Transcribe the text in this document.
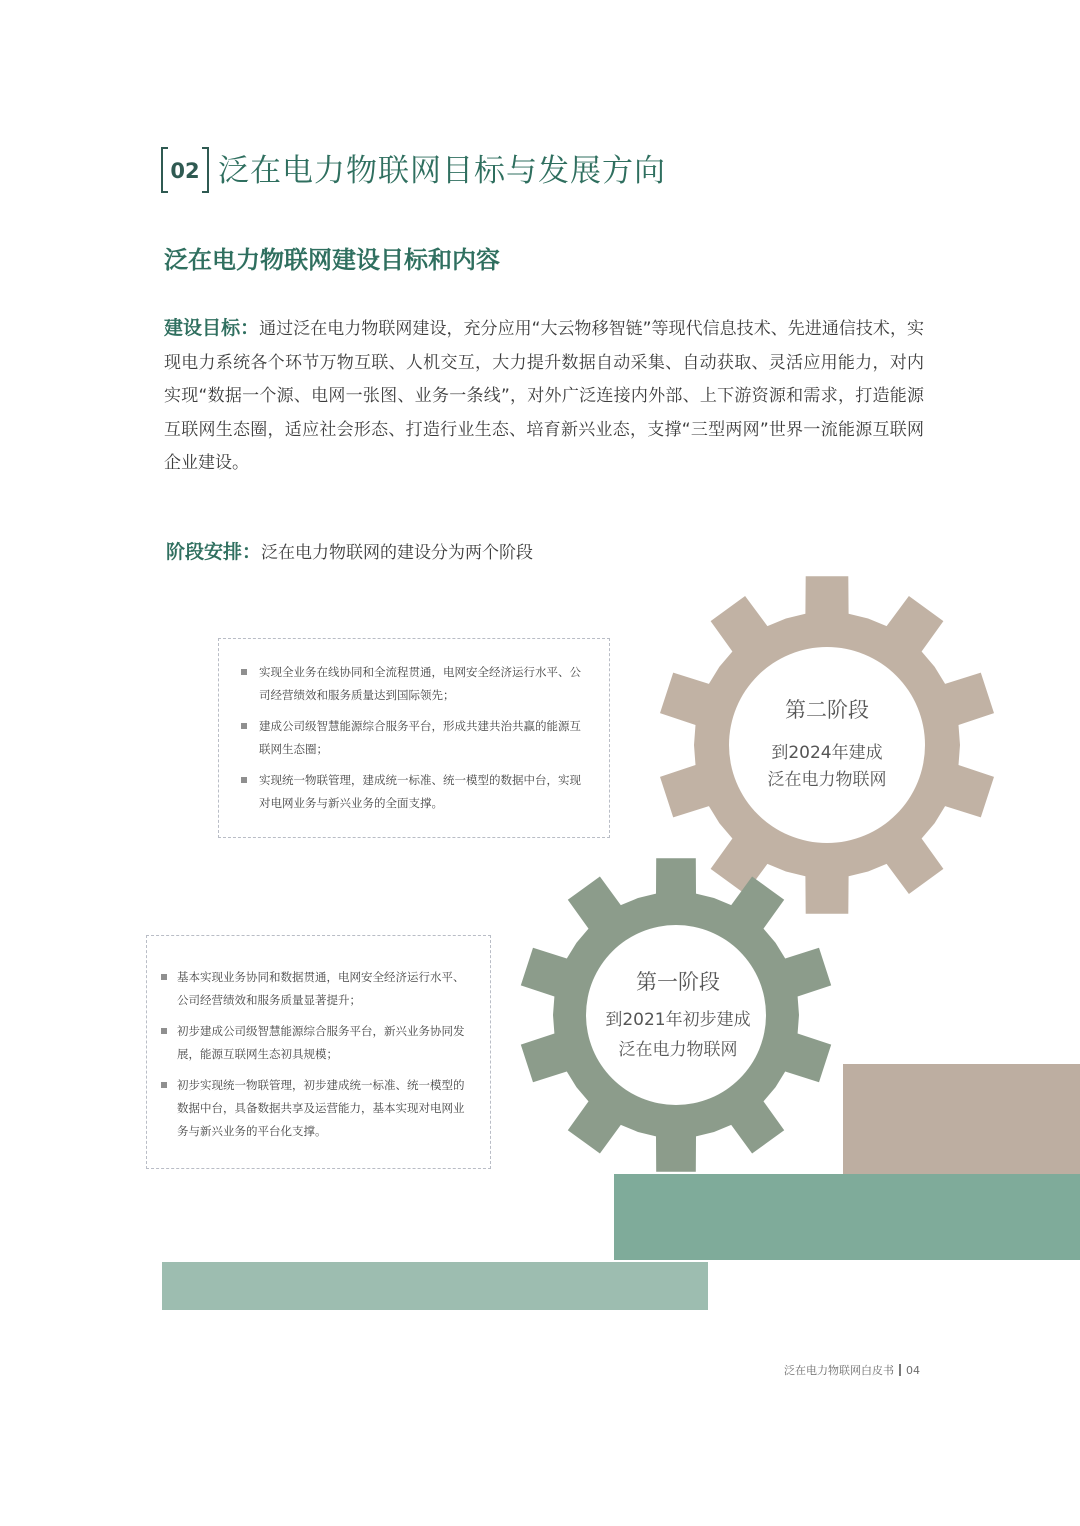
02 泛在电力物联网目标与发展方向
泛在电力物联网建设目标和内容
建设目标：通过泛在电力物联网建设，充分应用“大云物移智链”等现代信息技术、先进通信技术，实现电力系统各个环节万物互联、人机交互，大力提升数据自动采集、自动获取、灵活应用能力，对内实现“数据一个源、电网一张图、业务一条线”，对外广泛连接内外部、上下游资源和需求，打造能源互联网生态圈，适应社会形态、打造行业生态、培育新兴业态，支撑“三型两网”世界一流能源互联网企业建设。
阶段安排：泛在电力物联网的建设分为两个阶段
实现全业务在线协同和全流程贯通，电网安全经济运行水平、公司经营绩效和服务质量达到国际领先；
建成公司级智慧能源综合服务平台，形成共建共治共赢的能源互联网生态圈；
实现统一物联管理，建成统一标准、统一模型的数据中台，实现对电网业务与新兴业务的全面支撑。
基本实现业务协同和数据贯通，电网安全经济运行水平、公司经营绩效和服务质量显著提升；
初步建成公司级智慧能源综合服务平台，新兴业务协同发展，能源互联网生态初具规模；
初步实现统一物联管理，初步建成统一标准、统一模型的数据中台，具备数据共享及运营能力，基本实现对电网业务与新兴业务的平台化支撑。
第二阶段
到2024年建成
泛在电力物联网
第一阶段
到2021年初步建成
泛在电力物联网
泛在电力物联网白皮书 04
